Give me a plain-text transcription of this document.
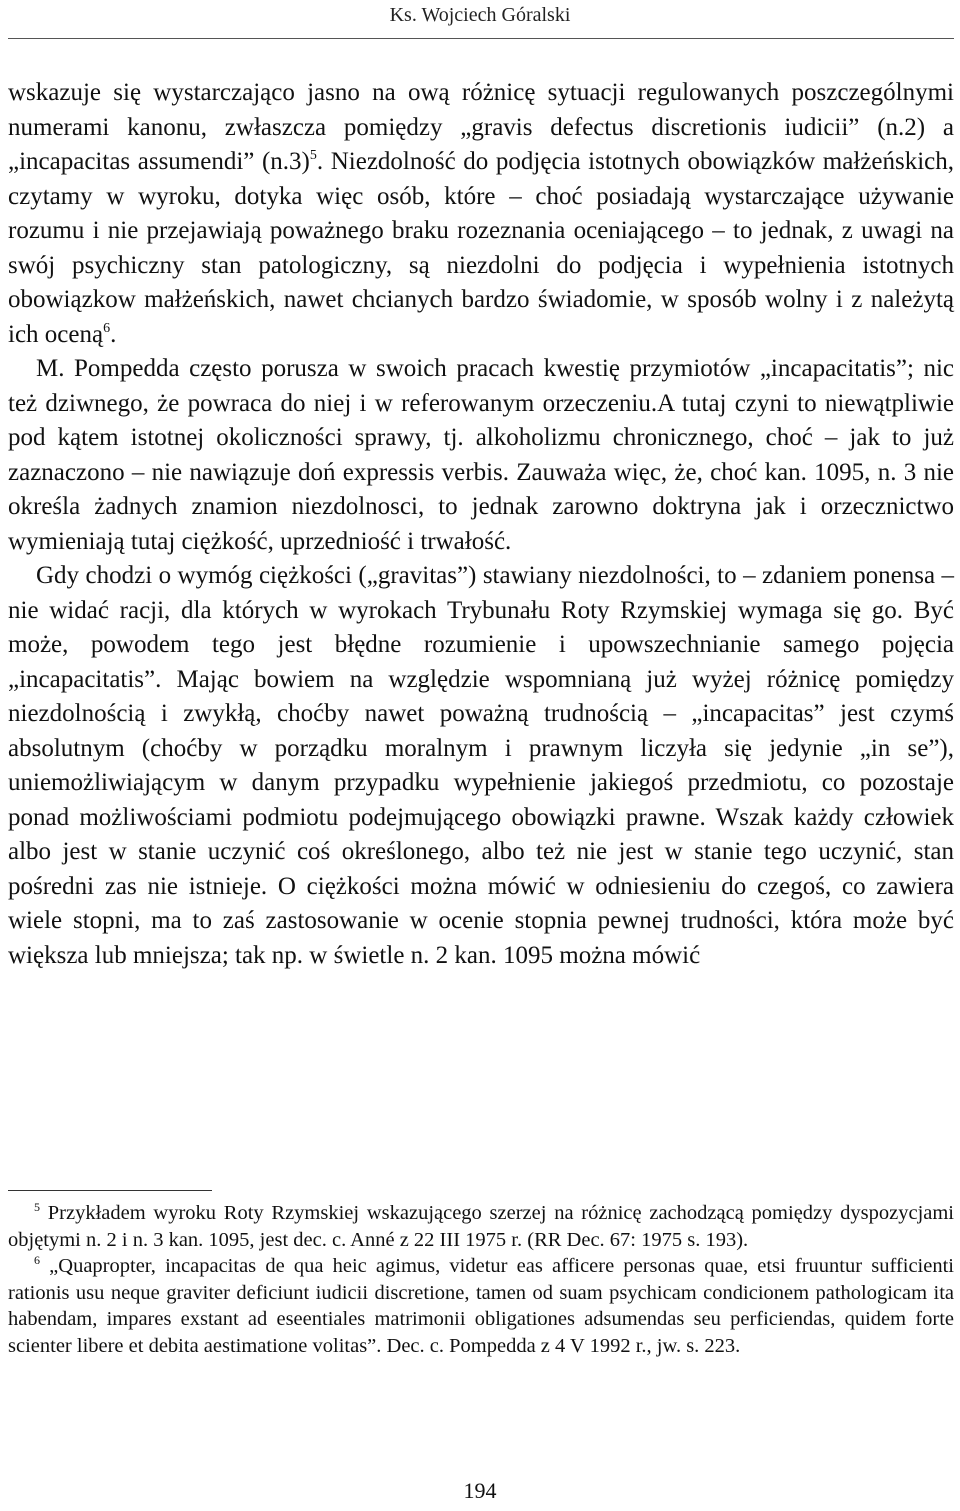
Ks. Wojciech Góralski

wskazuje się wystarczająco jasno na ową różnicę sytuacji regulowanych poszczególnymi numerami kanonu, zwłaszcza pomiędzy „gravis defectus discretionis iudicii” (n.2) a „incapacitas assumendi” $(n.3)^5$. Niezdolność do podjęcia istotnych obowiązków małżeńskich, czytamy w wyroku, dotyka więc osób, które – choć posiadają wystarczające używanie rozumu i nie przejawiają poważnego braku rozeznania oceniającego – to jednak, z uwagi na swój psychiczny stan patologiczny, są niezdolni do podjęcia i wypełnienia istotnych obowiązkow małżeńskich, nawet chcianych bardzo świadomie, w sposób wolny i z należytą ich oceną$^6$.

M. Pompedda często porusza w swoich pracach kwestię przymiotów „incapacitatis”; nic też dziwnego, że powraca do niej i w referowanym orzeczeniu.A tutaj czyni to niewątpliwie pod kątem istotnej okoliczności sprawy, tj. alkoholizmu chronicznego, choć – jak to już zaznaczono – nie nawiązuje doń expressis verbis. Zauważa więc, że, choć kan. 1095, n. 3 nie określa żadnych znamion niezdolnosci, to jednak zarowno doktryna jak i orzecznictwo wymieniają tutaj ciężkość, uprzedniość i trwałość.

Gdy chodzi o wymóg ciężkości („gravitas”) stawiany niezdolności, to – zdaniem ponensa – nie widać racji, dla których w wyrokach Trybunału Roty Rzymskiej wymaga się go. Być może, powodem tego jest błędne rozumienie i upowszechnianie samego pojęcia „incapacitatis”. Mając bowiem na względzie wspomnianą już wyżej różnicę pomiędzy niezdolnością i zwykłą, choćby nawet poważną trudnością – „incapacitas” jest czymś absolutnym (choćby w porządku moralnym i prawnym liczyła się jedynie „in se”), uniemożliwiającym w danym przypadku wypełnienie jakiegoś przedmiotu, co pozostaje ponad możliwościami podmiotu podejmującego obowiązki prawne. Wszak każdy człowiek albo jest w stanie uczynić coś określonego, albo też nie jest w stanie tego uczynić, stan pośredni zas nie istnieje. O ciężkości można mówić w odniesieniu do czegoś, co zawiera wiele stopni, ma to zaś zastosowanie w ocenie stopnia pewnej trudności, która może być większa lub mniejsza; tak np. w świetle n. 2 kan. 1095 można mówić

$^5$ Przykładem wyroku Roty Rzymskiej wskazującego szerzej na różnicę zachodzącą pomiędzy dyspozycjami objętymi n. 2 i n. 3 kan. 1095, jest dec. c. Anné z 22 III 1975 r. (RR Dec. 67: 1975 s. 193).

$^6$ „Quapropter, incapacitas de qua heic agimus, videtur eas afficere personas quae, etsi fruuntur sufficienti rationis usu neque graviter deficiunt iudicii discretione, tamen od suam psychicam condicionem pathologicam ita habendam, impares exstant ad eseentiales matrimonii obligationes adsumendas seu perficiendas, quidem forte scienter libere et debita aestimatione volitas”. Dec. c. Pompedda z 4 V 1992 r., jw. s. 223.

194
